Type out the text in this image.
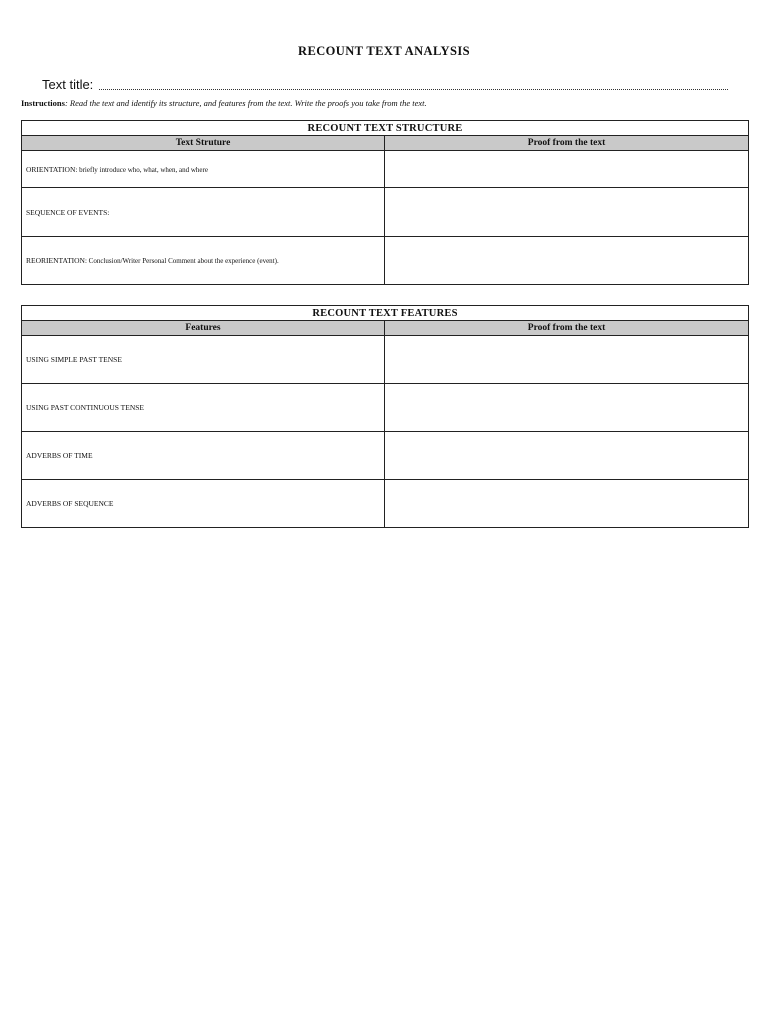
RECOUNT TEXT ANALYSIS
Text title:
Instructions: Read the text and identify its structure, and features from the text. Write the proofs you take from the text.
RECOUNT TEXT STRUCTURE	
Text Struture	Proof from the text
ORIENTATION: briefly introduce who, what, when, and where	
SEQUENCE OF EVENTS:	
REORIENTATION: Conclusion/Writer Personal Comment about the experience (event).	
RECOUNT TEXT FEATURES	
Features	Proof from the text
USING SIMPLE PAST TENSE	
USING PAST CONTINUOUS TENSE	
ADVERBS OF TIME	
ADVERBS OF SEQUENCE	
